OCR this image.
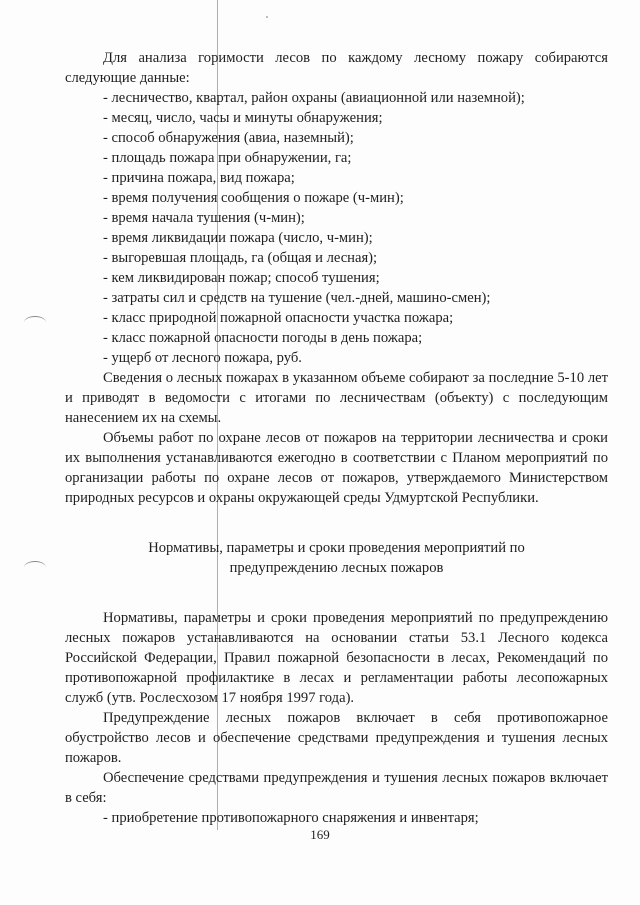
Для анализа горимости лесов по каждому лесному пожару собираются следующие данные:

- лесничество, квартал, район охраны (авиационной или наземной);
- месяц, число, часы и минуты обнаружения;
- способ обнаружения (авиа, наземный);
- площадь пожара при обнаружении, га;
- причина пожара, вид пожара;
- время получения сообщения о пожаре (ч-мин);
- время начала тушения (ч-мин);
- время ликвидации пожара (число, ч-мин);
- выгоревшая площадь, га (общая и лесная);
- кем ликвидирован пожар; способ тушения;
- затраты сил и средств на тушение (чел.-дней, машино-смен);
- класс природной пожарной опасности участка пожара;
- класс пожарной опасности погоды в день пожара;
- ущерб от лесного пожара, руб.

Сведения о лесных пожарах в указанном объеме собирают за последние 5-10 лет и приводят в ведомости с итогами по лесничествам (объекту) с последующим нанесением их на схемы.

Объемы работ по охране лесов от пожаров на территории лесничества и сроки их выполнения устанавливаются ежегодно в соответствии с Планом мероприятий по организации работы по охране лесов от пожаров, утверждаемого Министерством природных ресурсов и охраны окружающей среды Удмуртской Республики.

Нормативы, параметры и сроки проведения мероприятий по
предупреждению лесных пожаров

Нормативы, параметры и сроки проведения мероприятий по предупреждению лесных пожаров устанавливаются на основании статьи 53.1 Лесного кодекса Российской Федерации, Правил пожарной безопасности в лесах, Рекомендаций по противопожарной профилактике в лесах и регламентации работы лесопожарных служб (утв. Рослесхозом 17 ноября 1997 года).

Предупреждение лесных пожаров включает в себя противопожарное обустройство лесов и обеспечение средствами предупреждения и тушения лесных пожаров.

Обеспечение средствами предупреждения и тушения лесных пожаров включает в себя:

- приобретение противопожарного снаряжения и инвентаря;
169
